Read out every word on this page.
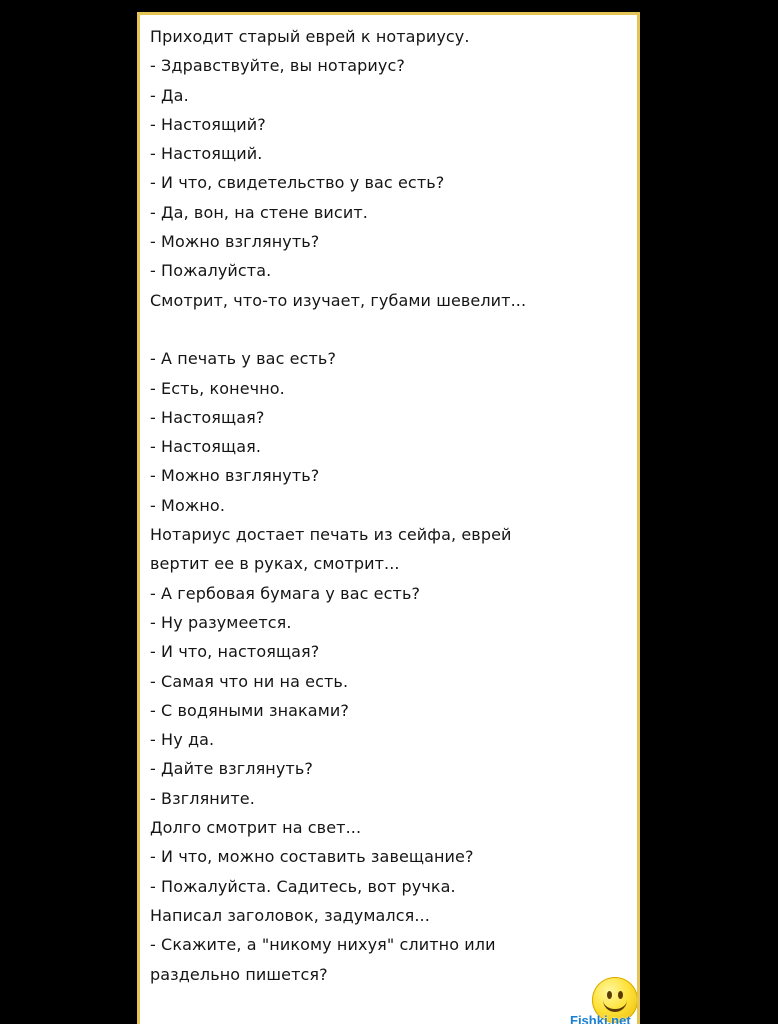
Приходит старый еврей к нотариусу.
- Здравствуйте, вы нотариус?
- Да.
- Настоящий?
- Настоящий.
- И что, свидетельство у вас есть?
- Да, вон, на стене висит.
- Можно взглянуть?
- Пожалуйста.
Смотрит, что-то изучает, губами шевелит...
- А печать у вас есть?
- Есть, конечно.
- Настоящая?
- Настоящая.
- Можно взглянуть?
- Можно.
Нотариус достает печать из сейфа, еврей
вертит ее в руках, смотрит...
- А гербовая бумага у вас есть?
- Ну разумеется.
- И что, настоящая?
- Самая что ни на есть.
- С водяными знаками?
- Ну да.
- Дайте взглянуть?
- Взгляните.
Долго смотрит на свет...
- И что, можно составить завещание?
- Пожалуйста. Садитесь, вот ручка.
Написал заголовок, задумался...
- Скажите, а "никому нихуя" слитно или
раздельно пишется?
Fishki.net
